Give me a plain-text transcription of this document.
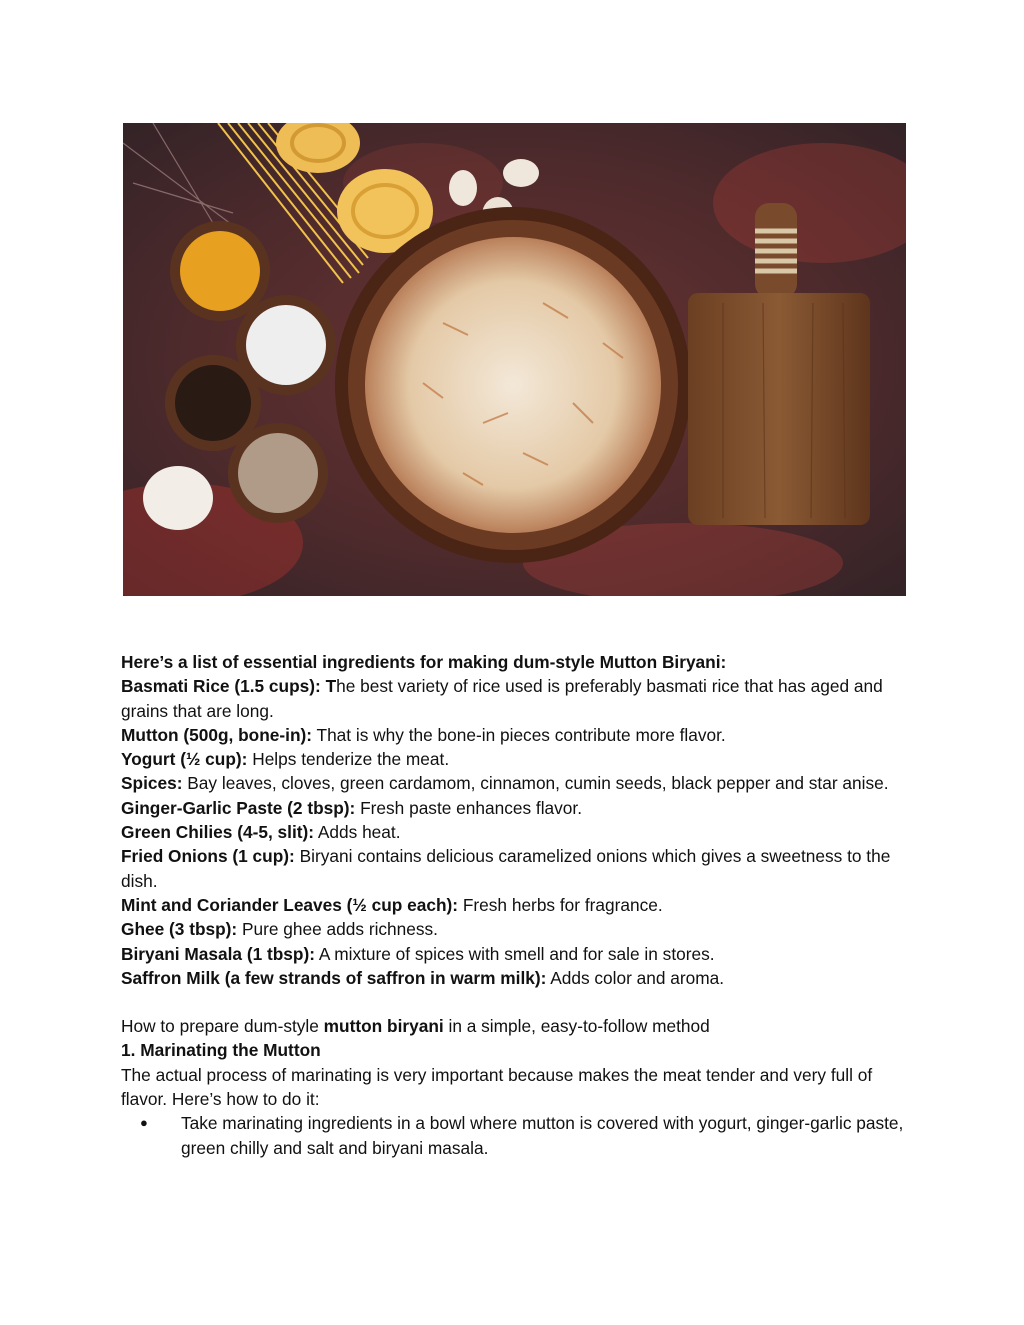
Here’s a list of essential ingredients for making dum-style Mutton Biryani:

Basmati Rice (1.5 cups): The best variety of rice used is preferably basmati rice that has aged and grains that are long.

Mutton (500g, bone-in): That is why the bone-in pieces contribute more flavor.

Yogurt (½ cup): Helps tenderize the meat.

Spices: Bay leaves, cloves, green cardamom, cinnamon, cumin seeds, black pepper and star anise.

Ginger-Garlic Paste (2 tbsp): Fresh paste enhances flavor.

Green Chilies (4-5, slit): Adds heat.

Fried Onions (1 cup): Biryani contains delicious caramelized onions which gives a sweetness to the dish.

Mint and Coriander Leaves (½ cup each): Fresh herbs for fragrance.

Ghee (3 tbsp): Pure ghee adds richness.

Biryani Masala (1 tbsp): A mixture of spices with smell and for sale in stores.

Saffron Milk (a few strands of saffron in warm milk): Adds color and aroma.

How to prepare dum-style mutton biryani in a simple, easy-to-follow method

1. Marinating the Mutton

The actual process of marinating is very important because makes the meat tender and very full of flavor. Here’s how to do it:

● Take marinating ingredients in a bowl where mutton is covered with yogurt, ginger-garlic paste, green chilly and salt and biryani masala.
